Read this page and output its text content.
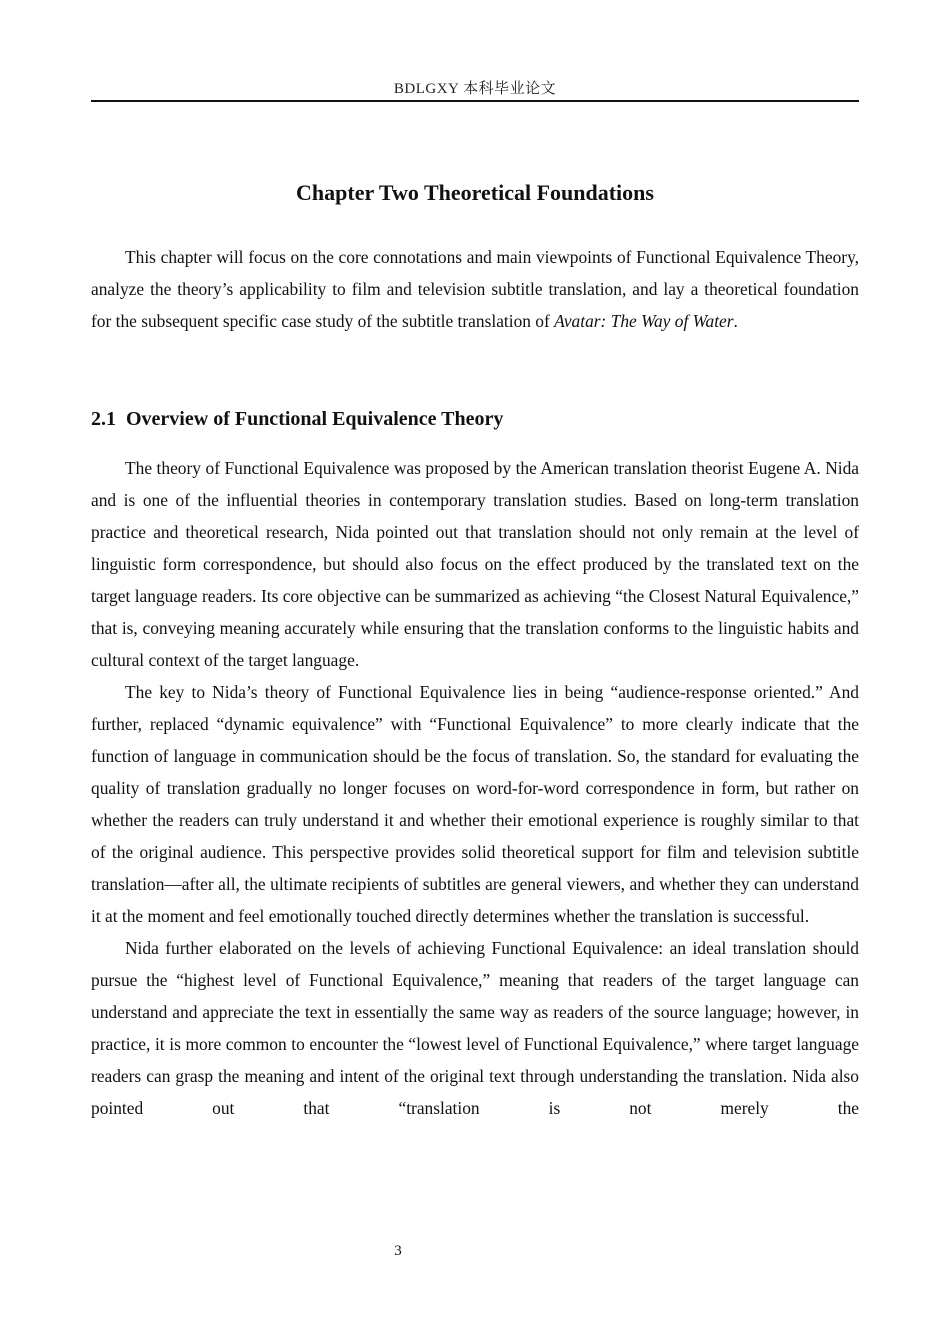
BDLGXY 本科毕业论文
Chapter Two Theoretical Foundations

This chapter will focus on the core connotations and main viewpoints of Functional Equivalence Theory, analyze the theory’s applicability to film and television subtitle translation, and lay a theoretical foundation for the subsequent specific case study of the subtitle translation of Avatar: The Way of Water.

2.1  Overview of Functional Equivalence Theory

The theory of Functional Equivalence was proposed by the American translation theorist Eugene A. Nida and is one of the influential theories in contemporary translation studies. Based on long-term translation practice and theoretical research, Nida pointed out that translation should not only remain at the level of linguistic form correspondence, but should also focus on the effect produced by the translated text on the target language readers. Its core objective can be summarized as achieving “the Closest Natural Equivalence,” that is, conveying meaning accurately while ensuring that the translation conforms to the linguistic habits and cultural context of the target language.

The key to Nida’s theory of Functional Equivalence lies in being “audience-response oriented.” And further, replaced “dynamic equivalence” with “Functional Equivalence” to more clearly indicate that the function of language in communication should be the focus of translation. So, the standard for evaluating the quality of translation gradually no longer focuses on word-for-word correspondence in form, but rather on whether the readers can truly understand it and whether their emotional experience is roughly similar to that of the original audience. This perspective provides solid theoretical support for film and television subtitle translation—after all, the ultimate recipients of subtitles are general viewers, and whether they can understand it at the moment and feel emotionally touched directly determines whether the translation is successful.

Nida further elaborated on the levels of achieving Functional Equivalence: an ideal translation should pursue the “highest level of Functional Equivalence,” meaning that readers of the target language can understand and appreciate the text in essentially the same way as readers of the source language; however, in practice, it is more common to encounter the “lowest level of Functional Equivalence,” where target language readers can grasp the meaning and intent of the original text through understanding the translation. Nida also pointed out that “translation is not merely the

3
